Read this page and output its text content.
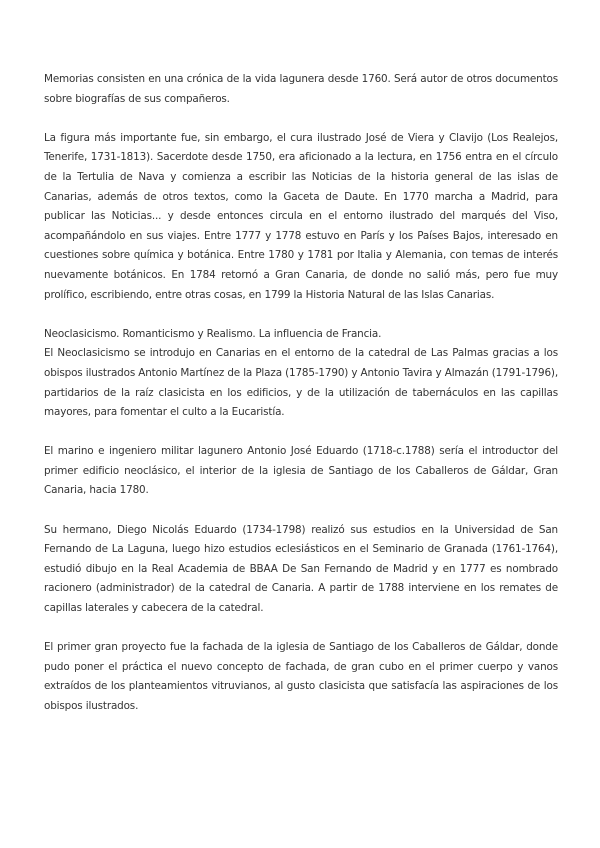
Memorias consisten en una crónica de la vida lagunera desde 1760. Será autor de otros documentos sobre biografías de sus compañeros.

La figura más importante fue, sin embargo, el cura ilustrado José de Viera y Clavijo (Los Realejos, Tenerife, 1731-1813). Sacerdote desde 1750, era aficionado a la lectura, en 1756 entra en el círculo de la Tertulia de Nava y comienza a escribir las Noticias de la historia general de las islas de Canarias, además de otros textos, como la Gaceta de Daute. En 1770 marcha a Madrid, para publicar las Noticias... y desde entonces circula en el entorno ilustrado del marqués del Viso, acompañándolo en sus viajes. Entre 1777 y 1778 estuvo en París y los Países Bajos, interesado en cuestiones sobre química y botánica. Entre 1780 y 1781 por Italia y Alemania, con temas de interés nuevamente botánicos. En 1784 retornó a Gran Canaria, de donde no salió más, pero fue muy prolífico, escribiendo, entre otras cosas, en 1799 la Historia Natural de las Islas Canarias.

Neoclasicismo. Romanticismo y Realismo. La influencia de Francia.

El Neoclasicismo se introdujo en Canarias en el entorno de la catedral de Las Palmas gracias a los obispos ilustrados Antonio Martínez de la Plaza (1785-1790) y Antonio Tavira y Almazán (1791-1796), partidarios de la raíz clasicista en los edificios, y de la utilización de tabernáculos en las capillas mayores, para fomentar el culto a la Eucaristía.

El marino e ingeniero militar lagunero Antonio José Eduardo (1718-c.1788) sería el introductor del primer edificio neoclásico, el interior de la iglesia de Santiago de los Caballeros de Gáldar, Gran Canaria, hacia 1780.

Su hermano, Diego Nicolás Eduardo (1734-1798) realizó sus estudios en la Universidad de San Fernando de La Laguna, luego hizo estudios eclesiásticos en el Seminario de Granada (1761-1764), estudió dibujo en la Real Academia de BBAA De San Fernando de Madrid y en 1777 es nombrado racionero (administrador) de la catedral de Canaria. A partir de 1788 interviene en los remates de capillas laterales y cabecera de la catedral.

El primer gran proyecto fue la fachada de la iglesia de Santiago de los Caballeros de Gáldar, donde pudo poner el práctica el nuevo concepto de fachada, de gran cubo en el primer cuerpo y vanos extraídos de los planteamientos vitruvianos, al gusto clasicista que satisfacía las aspiraciones de los obispos ilustrados.
